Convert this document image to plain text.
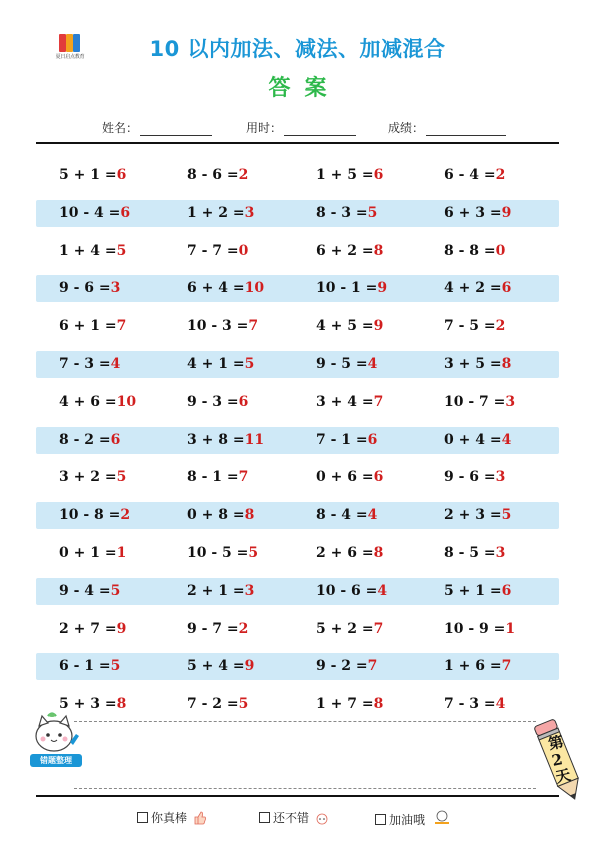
夏日启点教育	10 以内加法、减法、加减混合
答案
姓名：	用时：	成绩：
5 + 1 =6	8 - 6 =2	1 + 5 =6	6 - 4 =2
10 - 4 =6	1 + 2 =3	8 - 3 =5	6 + 3 =9
1 + 4 =5	7 - 7 =0	6 + 2 =8	8 - 8 =0
9 - 6 =3	6 + 4 =10	10 - 1 =9	4 + 2 =6
6 + 1 =7	10 - 3 =7	4 + 5 =9	7 - 5 =2
7 - 3 =4	4 + 1 =5	9 - 5 =4	3 + 5 =8
4 + 6 =10	9 - 3 =6	3 + 4 =7	10 - 7 =3
8 - 2 =6	3 + 8 =11	7 - 1 =6	0 + 4 =4
3 + 2 =5	8 - 1 =7	0 + 6 =6	9 - 6 =3
10 - 8 =2	0 + 8 =8	8 - 4 =4	2 + 3 =5
0 + 1 =1	10 - 5 =5	2 + 6 =8	8 - 5 =3
9 - 4 =5	2 + 1 =3	10 - 6 =4	5 + 1 =6
2 + 7 =9	9 - 7 =2	5 + 2 =7	10 - 9 =1
6 - 1 =5	5 + 4 =9	9 - 2 =7	1 + 6 =7
5 + 3 =8	7 - 2 =5	1 + 7 =8	7 - 3 =4
错题整理
第2天
你真棒	还不错	加油哦
